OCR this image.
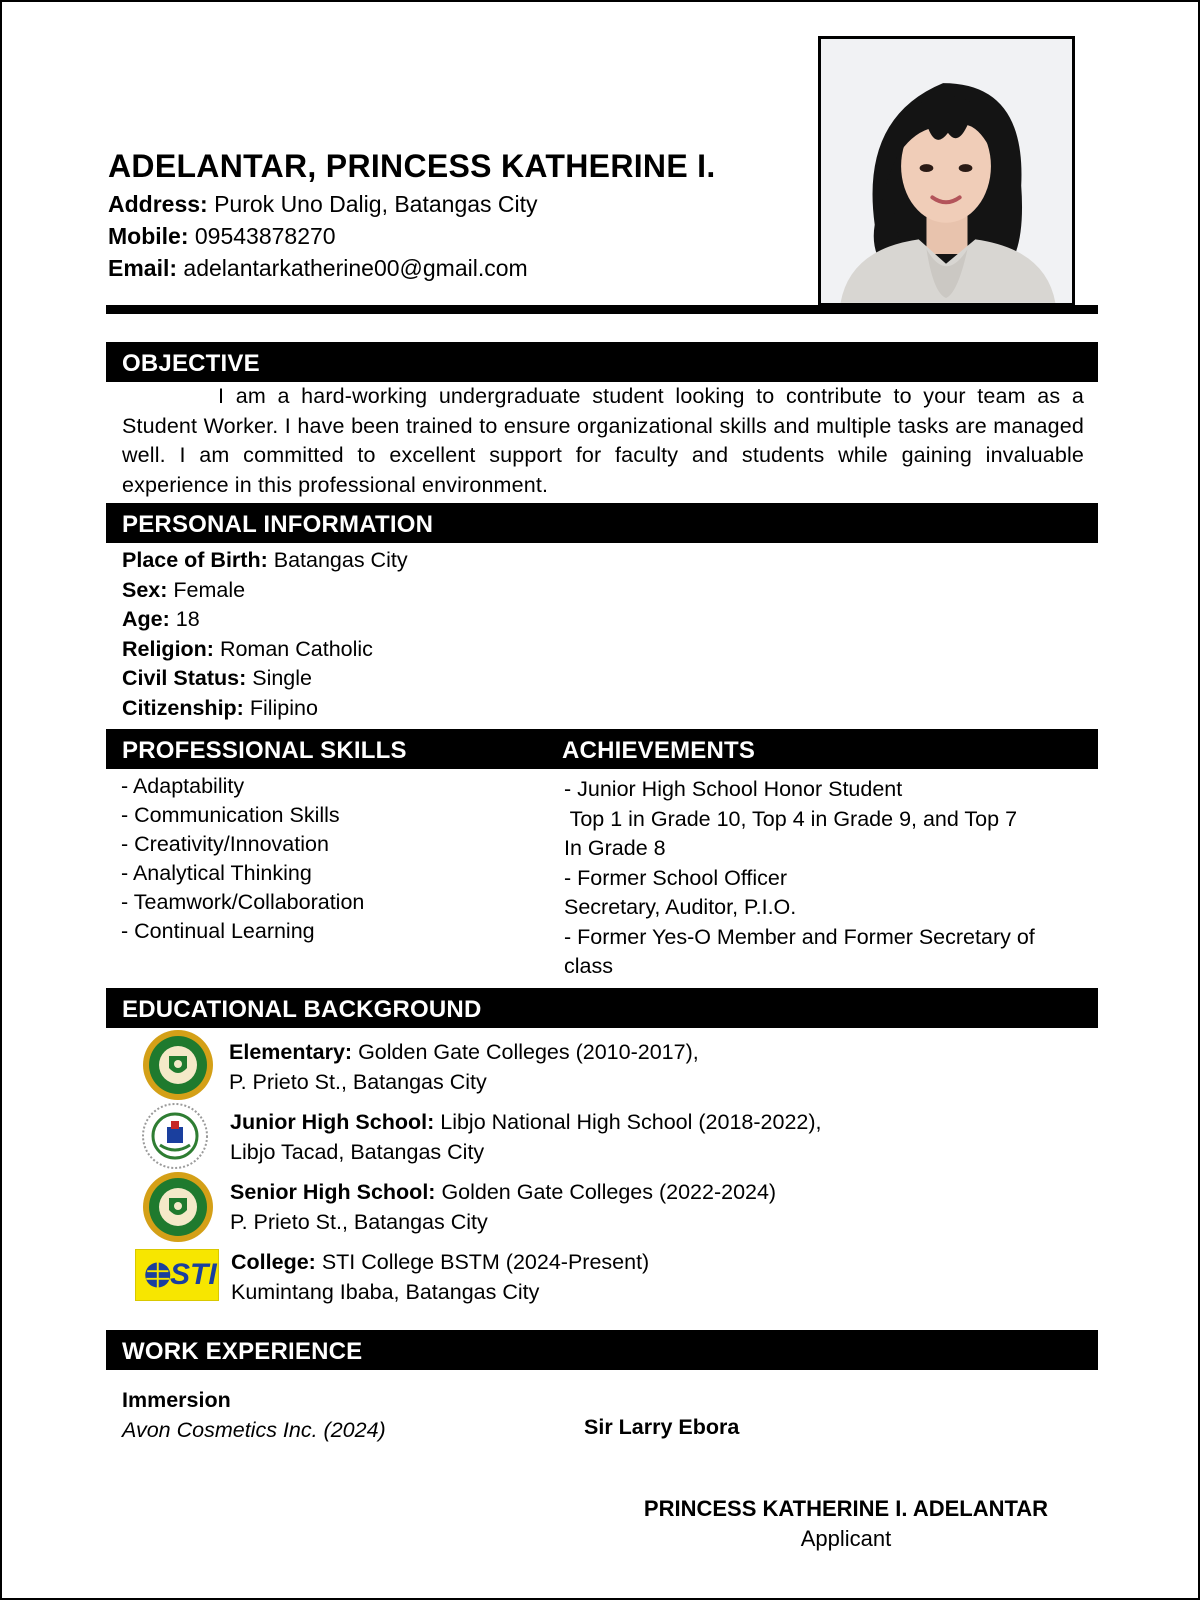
ADELANTAR, PRINCESS KATHERINE I.
Address: Purok Uno Dalig, Batangas City
Mobile: 09543878270
Email: adelantarkatherine00@gmail.com
OBJECTIVE
I am a hard-working undergraduate student looking to contribute to your team as a Student Worker. I have been trained to ensure organizational skills and multiple tasks are managed well. I am committed to excellent support for faculty and students while gaining invaluable experience in this professional environment.
PERSONAL INFORMATION
Place of Birth: Batangas City
Sex: Female
Age: 18
Religion: Roman Catholic
Civil Status: Single
Citizenship: Filipino
PROFESSIONAL SKILLS	ACHIEVEMENTS
- Adaptability
- Communication Skills
- Creativity/Innovation
- Analytical Thinking
- Teamwork/Collaboration
- Continual Learning
- Junior High School Honor Student
Top 1 in Grade 10, Top 4 in Grade 9, and Top 7
In Grade 8
- Former School Officer
Secretary, Auditor, P.I.O.
- Former Yes-O Member and Former Secretary of
class
EDUCATIONAL BACKGROUND
Elementary: Golden Gate Colleges (2010-2017),
P. Prieto St., Batangas City
Junior High School: Libjo National High School (2018-2022),
Libjo Tacad, Batangas City
Senior High School: Golden Gate Colleges (2022-2024)
P. Prieto St., Batangas City
STI College: STI College BSTM (2024-Present)
Kumintang Ibaba, Batangas City
WORK EXPERIENCE
Immersion
Avon Cosmetics Inc. (2024)	Sir Larry Ebora
PRINCESS KATHERINE I. ADELANTAR
Applicant
